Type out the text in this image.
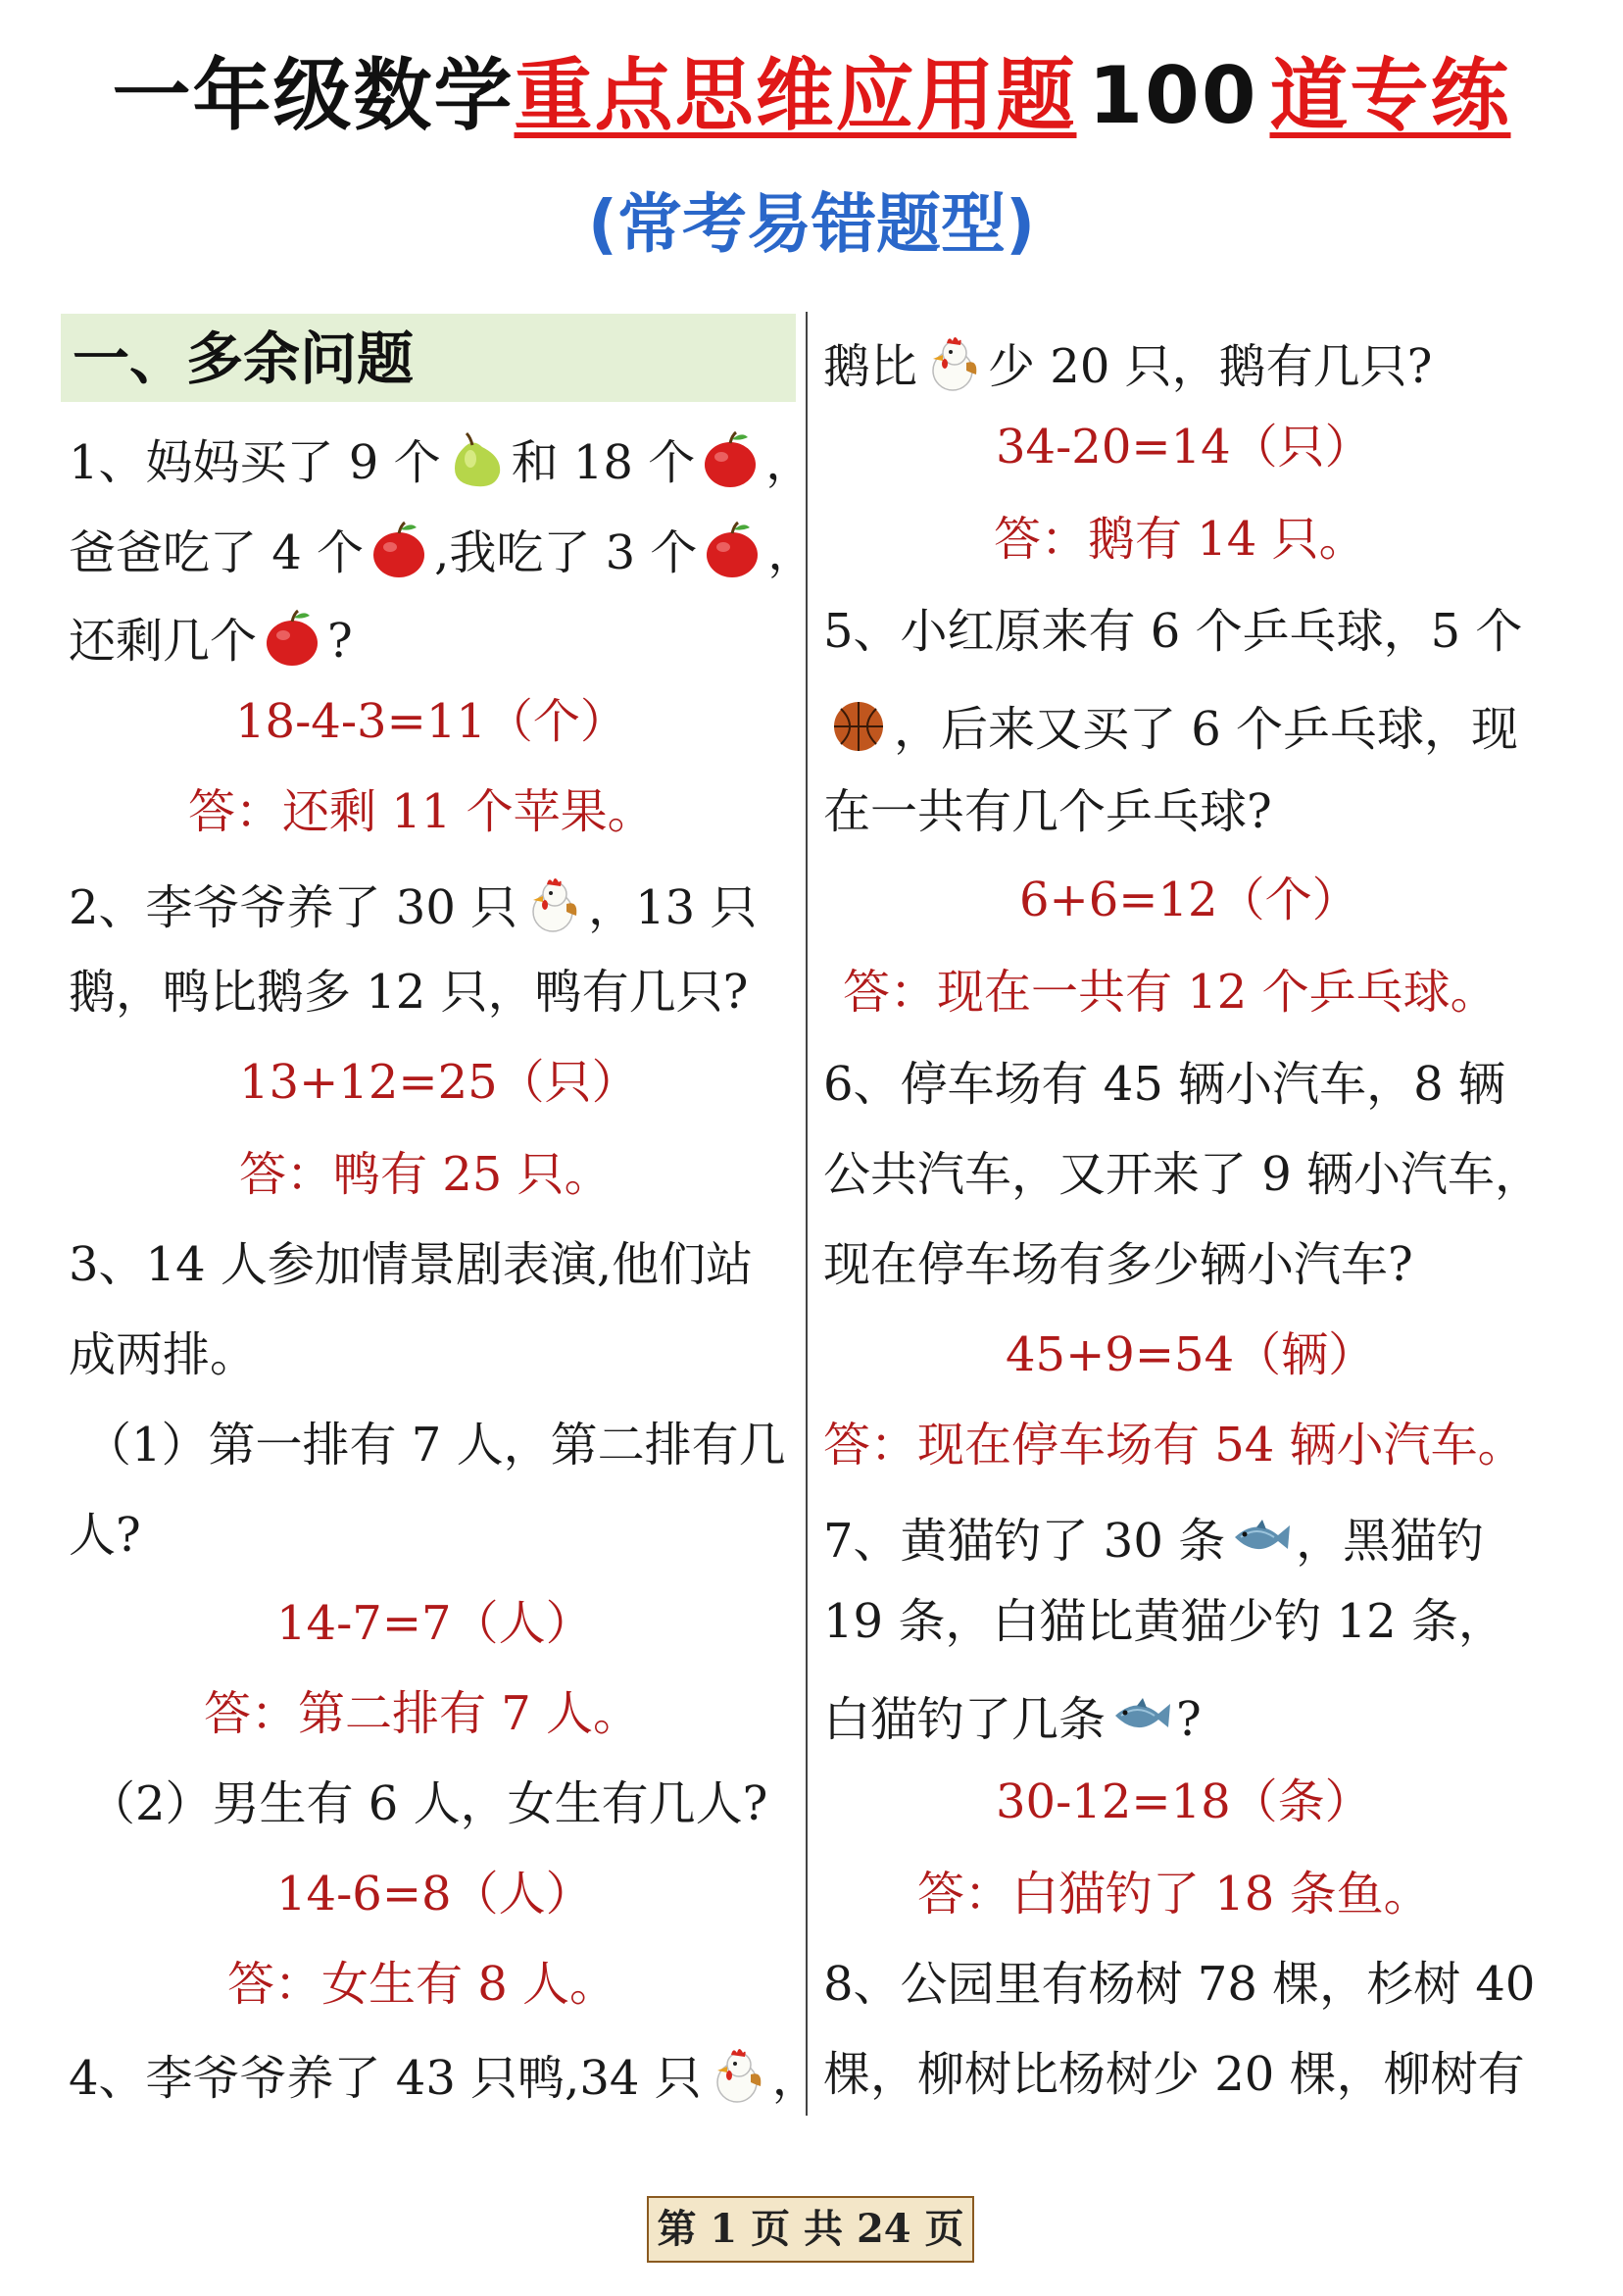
一年级数学重点思维应用题 100 道专练
(常考易错题型)
一、多余问题
1、妈妈买了 9 个 和 18 个 ，
爸爸吃了 4 个 ,我吃了 3 个 ，
还剩几个 ?
18-4-3=11（个）
答：还剩 11 个苹果。
2、李爷爷养了 30 只 ，13 只
鹅，鸭比鹅多 12 只，鸭有几只?
13+12=25（只）
答：鸭有 25 只。
3、14 人参加情景剧表演,他们站
成两排。
（1）第一排有 7 人，第二排有几
人?
14-7=7（人）
答：第二排有 7 人。
（2）男生有 6 人，女生有几人?
14-6=8（人）
答：女生有 8 人。
4、李爷爷养了 43 只鸭,34 只 ，
鹅比 少 20 只，鹅有几只?
34-20=14（只）
答：鹅有 14 只。
5、小红原来有 6 个乒乓球，5 个
，后来又买了 6 个乒乓球，现
在一共有几个乒乓球?
6+6=12（个）
答：现在一共有 12 个乒乓球。
6、停车场有 45 辆小汽车，8 辆
公共汽车，又开来了 9 辆小汽车，
现在停车场有多少辆小汽车?
45+9=54（辆）
答：现在停车场有 54 辆小汽车。
7、黄猫钓了 30 条 ，黑猫钓
19 条，白猫比黄猫少钓 12 条，
白猫钓了几条 ?
30-12=18（条）
答：白猫钓了 18 条鱼。
8、公园里有杨树 78 棵，杉树 40
棵，柳树比杨树少 20 棵，柳树有
第 1 页 共 24 页
